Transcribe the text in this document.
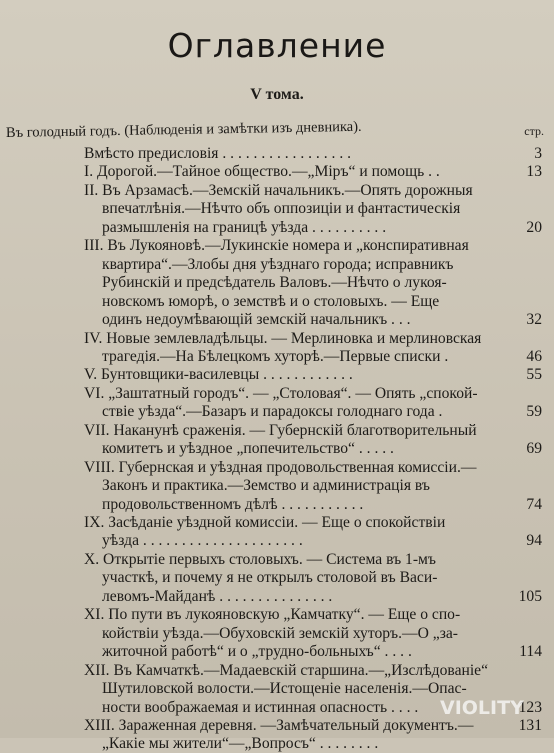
Оглавление
V тома.
Въ голодный годъ. (Наблюденія и замѣтки изъ дневника).	стр.
Вмѣсто предисловія . . . . . . . . . . . . . . . . .	3
I. Дорогой.—Тайное общество.—„Міръ“ и помощь . .	13
II. Въ Арзамасѣ.—Земскій начальникъ.—Опять дорожныя
впечатлѣнія.—Нѣчто объ оппозиціи и фантастическія
размышленія на границѣ уѣзда . . . . . . . . . .	20
III. Въ Лукояновѣ.—Лукинскіе номера и „конспиративная
квартира“.—Злобы дня уѣзднаго города; исправникъ
Рубинскій и предсѣдатель Валовъ.—Нѣчто о лукоя-
новскомъ юморѣ, о земствѣ и о столовыхъ. — Еще
одинъ недоумѣвающій земскій начальникъ . . .	32
IV. Новые землевладѣльцы. — Мерлиновка и мерлиновская
трагедія.—На Бѣлецкомъ хуторѣ.—Первые списки .	46
V. Бунтовщики-василевцы . . . . . . . . . . . .	55
VI. „Заштатный городъ“. — „Столовая“. — Опять „спокой-
ствіе уѣзда“.—Базаръ и парадоксы голоднаго года .	59
VII. Наканунѣ сраженія. — Губернскій благотворительный
комитетъ и уѣздное „попечительство“ . . . . .	69
VIII. Губернская и уѣздная продовольственная комиссіи.—
Законъ и практика.—Земство и администрація въ
продовольственномъ дѣлѣ . . . . . . . . . . .	74
IX. Засѣданіе уѣздной комиссіи. — Еще о спокойствіи
уѣзда . . . . . . . . . . . . . . . . . . . . .	94
X. Открытіе первыхъ столовыхъ. — Система въ 1-мъ
участкѣ, и почему я не открылъ столовой въ Васи-
левомъ-Майданѣ . . . . . . . . . . . . . . .	105
XI. По пути въ лукояновскую „Камчатку“. — Еще о спо-
койствіи уѣзда.—Обуховскій земскій хуторъ.—О „за-
житочной работѣ“ и о „трудно-больныхъ“ . . . .	114
XII. Въ Камчаткѣ.—Мадаевскій старшина.—„Изслѣдованіе“
Шутиловской волости.—Истощеніе населенія.—Опас-
ности воображаемая и истинная опасность . . . .	123
XIII. Зараженная деревня. —Замѣчательный документъ.—	131
„Какіе мы жители“—„Вопросъ“ . . . . . . . .
VIOLITY
